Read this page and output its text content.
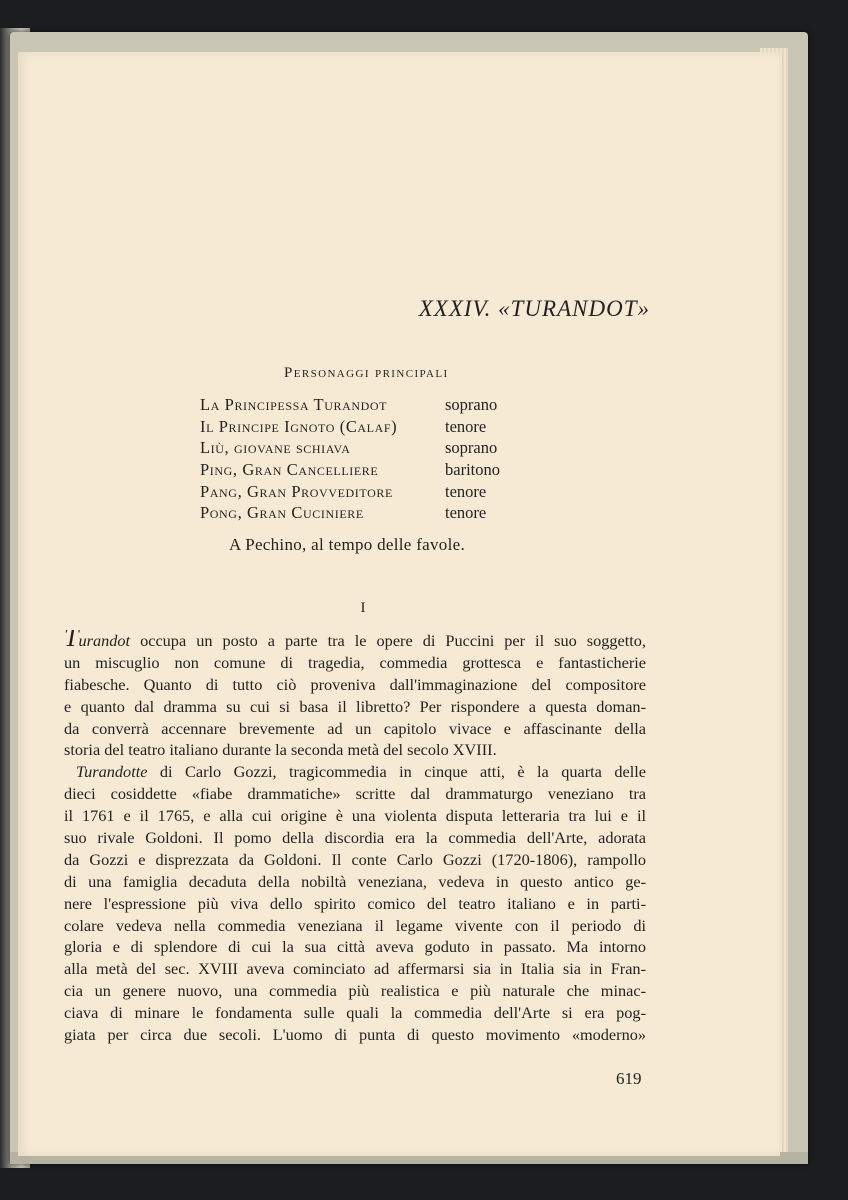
XXXIV. «TURANDOT»
Personaggi principali
La Principessa Turandot	soprano
Il Principe Ignoto (Calaf)	tenore
Liù, giovane schiava	soprano
Ping, Gran Cancelliere	baritono
Pang, Gran Provveditore	tenore
Pong, Gran Cuciniere	tenore
A Pechino, al tempo delle favole.
I
Turandot occupa un posto a parte tra le opere di Puccini per il suo soggetto,
un miscuglio non comune di tragedia, commedia grottesca e fantasticherie
fiabesche. Quanto di tutto ciò proveniva dall'immaginazione del compositore
e quanto dal dramma su cui si basa il libretto? Per rispondere a questa doman-
da converrà accennare brevemente ad un capitolo vivace e affascinante della
storia del teatro italiano durante la seconda metà del secolo XVIII.
Turandotte di Carlo Gozzi, tragicommedia in cinque atti, è la quarta delle
dieci cosiddette «fiabe drammatiche» scritte dal drammaturgo veneziano tra
il 1761 e il 1765, e alla cui origine è una violenta disputa letteraria tra lui e il
suo rivale Goldoni. Il pomo della discordia era la commedia dell'Arte, adorata
da Gozzi e disprezzata da Goldoni. Il conte Carlo Gozzi (1720-1806), rampollo
di una famiglia decaduta della nobiltà veneziana, vedeva in questo antico ge-
nere l'espressione più viva dello spirito comico del teatro italiano e in parti-
colare vedeva nella commedia veneziana il legame vivente con il periodo di
gloria e di splendore di cui la sua città aveva goduto in passato. Ma intorno
alla metà del sec. XVIII aveva cominciato ad affermarsi sia in Italia sia in Fran-
cia un genere nuovo, una commedia più realistica e più naturale che minac-
ciava di minare le fondamenta sulle quali la commedia dell'Arte si era pog-
giata per circa due secoli. L'uomo di punta di questo movimento «moderno»
619
